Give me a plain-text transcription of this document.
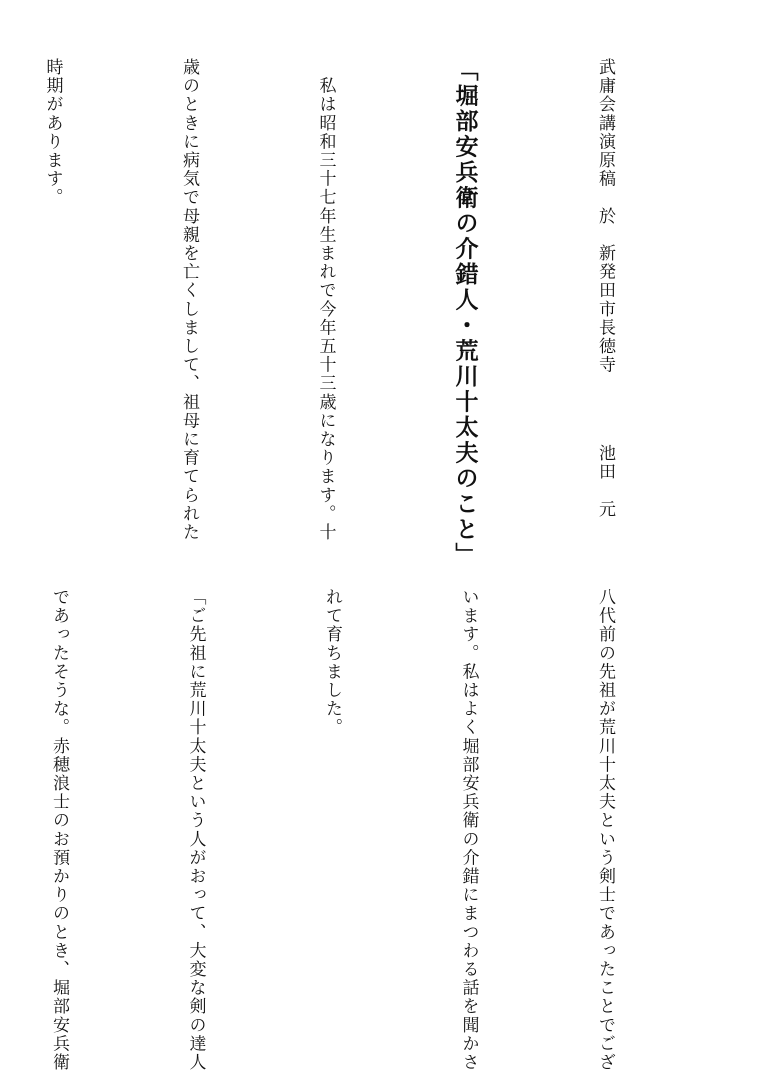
武庸会講演原稿　於　新発田市長徳寺
池田　元

「堀部安兵衛の介錯人・荒川十太夫のこと」

　私は昭和三十七年生まれで今年五十三歳になります。十

歳のときに病気で母親を亡くしまして、祖母に育てられた

時期があります。

八代前の先祖が荒川十太夫という剣士であったことでござ

います。私はよく堀部安兵衛の介錯にまつわる話を聞かさ

れて育ちました。

「ご先祖に荒川十太夫という人がおって、大変な剣の達人

であったそうな。赤穂浪士のお預かりのとき、堀部安兵衛
